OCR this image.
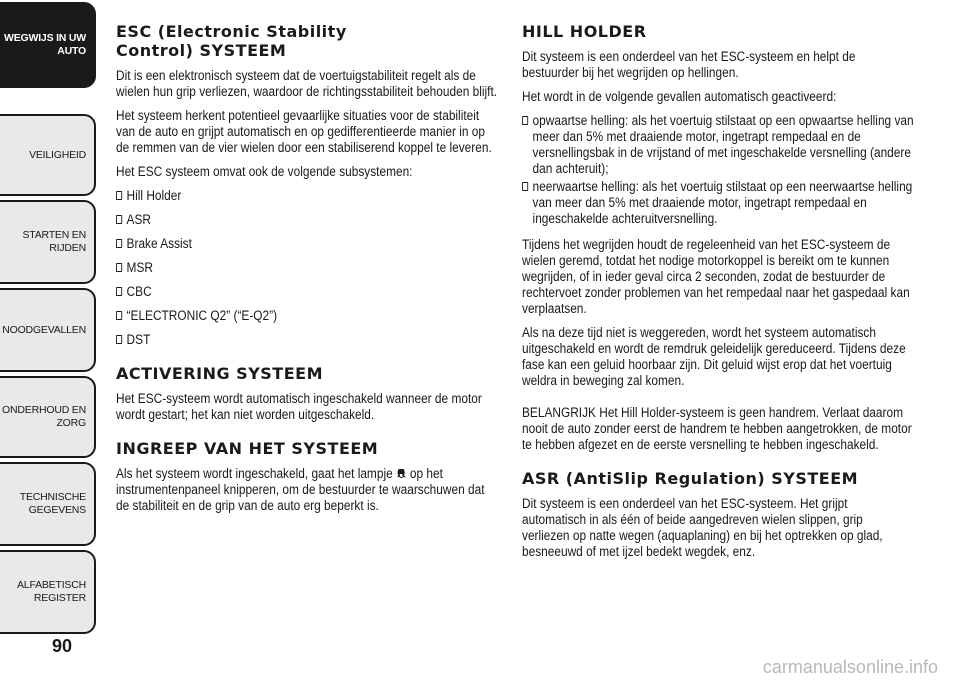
WEGWIJS IN UW
AUTO
VEILIGHEID
STARTEN EN RIJDEN
NOODGEVALLEN
ONDERHOUD EN
ZORG
TECHNISCHE
GEGEVENS
ALFABETISCH
REGISTER
90
ESC (Electronic Stability
Control) SYSTEEM

Dit is een elektronisch systeem dat de voertuigstabiliteit regelt als de wielen hun grip verliezen, waardoor de richtingsstabiliteit behouden blijft.

Het systeem herkent potentieel gevaarlijke situaties voor de stabiliteit van de auto en grijpt automatisch en op gedifferentieerde manier in op de remmen van de vier wielen door een stabiliserend koppel te leveren.

Het ESC systeem omvat ook de volgende subsystemen:

Hill Holder
ASR
Brake Assist
MSR
CBC
“ELECTRONIC Q2” (“E-Q2”)
DST
ACTIVERING SYSTEEM

Het ESC-systeem wordt automatisch ingeschakeld wanneer de motor wordt gestart; het kan niet worden uitgeschakeld.

INGREEP VAN HET SYSTEEM

Als het systeem wordt ingeschakeld, gaat het lampje  op het instrumentenpaneel knipperen, om de bestuurder te waarschuwen dat de stabiliteit en de grip van de auto erg beperkt is.

HILL HOLDER

Dit systeem is een onderdeel van het ESC-systeem en helpt de bestuurder bij het wegrijden op hellingen.

Het wordt in de volgende gevallen automatisch geactiveerd:

opwaartse helling: als het voertuig stilstaat op een opwaartse helling van meer dan 5% met draaiende motor, ingetrapt rempedaal en de versnellingsbak in de vrijstand of met ingeschakelde versnelling (andere dan achteruit);
neerwaartse helling: als het voertuig stilstaat op een neerwaartse helling van meer dan 5% met draaiende motor, ingetrapt rempedaal en ingeschakelde achteruitversnelling.

Tijdens het wegrijden houdt de regeleenheid van het ESC-systeem de wielen geremd, totdat het nodige motorkoppel is bereikt om te kunnen wegrijden, of in ieder geval circa 2 seconden, zodat de bestuurder de rechtervoet zonder problemen van het rempedaal naar het gaspedaal kan verplaatsen.

Als na deze tijd niet is weggereden, wordt het systeem automatisch uitgeschakeld en wordt de remdruk geleidelijk gereduceerd. Tijdens deze fase kan een geluid hoorbaar zijn. Dit geluid wijst erop dat het voertuig weldra in beweging zal komen.

BELANGRIJK Het Hill Holder-systeem is geen handrem. Verlaat daarom nooit de auto zonder eerst de handrem te hebben aangetrokken, de motor te hebben afgezet en de eerste versnelling te hebben ingeschakeld.

ASR (AntiSlip Regulation) SYSTEEM

Dit systeem is een onderdeel van het ESC-systeem. Het grijpt automatisch in als één of beide aangedreven wielen slippen, grip verliezen op natte wegen (aquaplaning) en bij het optrekken op glad, besneeuwd of met ijzel bedekt wegdek, enz.

carmanualsonline.info
